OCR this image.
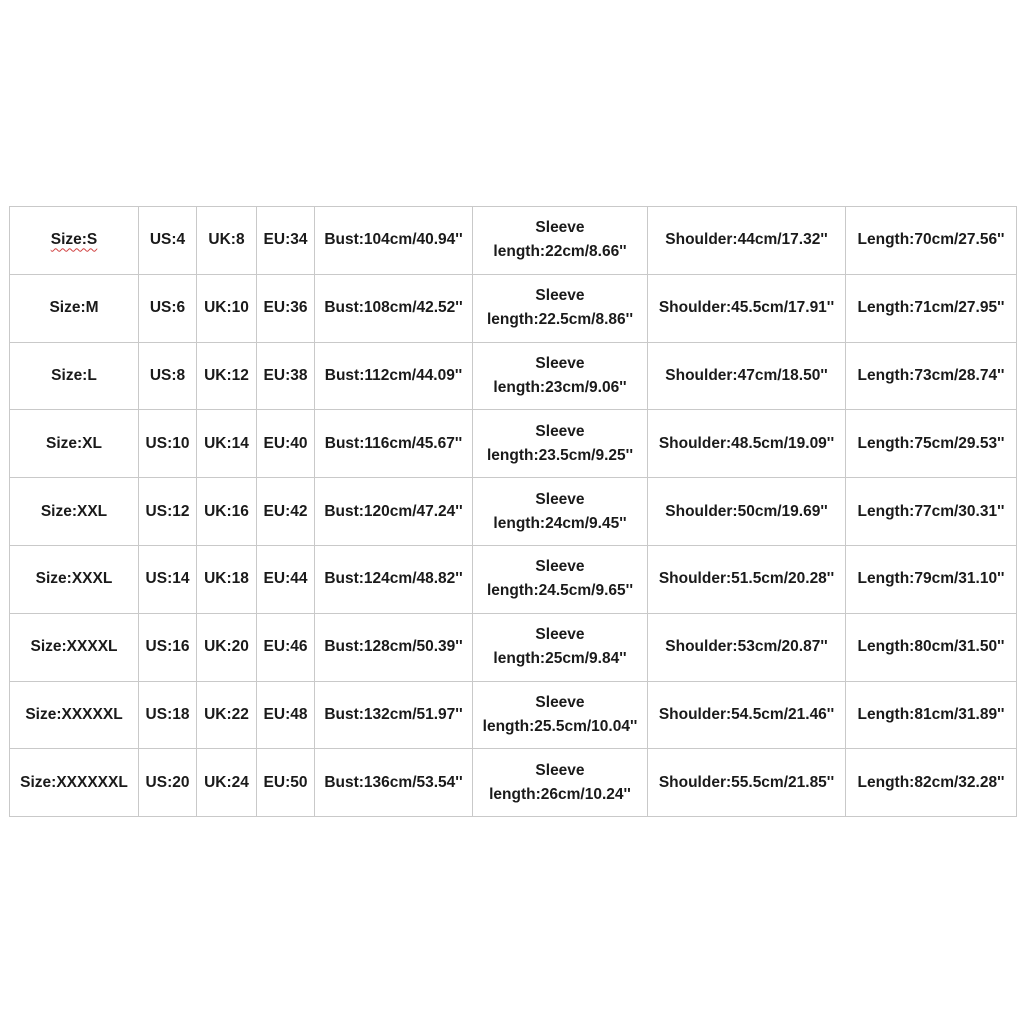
Size:S	US:4	UK:8	EU:34	Bust:104cm/40.94''	Sleeve
length:22cm/8.66''	Shoulder:44cm/17.32''	Length:70cm/27.56''
Size:M	US:6	UK:10	EU:36	Bust:108cm/42.52''	Sleeve
length:22.5cm/8.86''	Shoulder:45.5cm/17.91''	Length:71cm/27.95''
Size:L	US:8	UK:12	EU:38	Bust:112cm/44.09''	Sleeve
length:23cm/9.06''	Shoulder:47cm/18.50''	Length:73cm/28.74''
Size:XL	US:10	UK:14	EU:40	Bust:116cm/45.67''	Sleeve
length:23.5cm/9.25''	Shoulder:48.5cm/19.09''	Length:75cm/29.53''
Size:XXL	US:12	UK:16	EU:42	Bust:120cm/47.24''	Sleeve
length:24cm/9.45''	Shoulder:50cm/19.69''	Length:77cm/30.31''
Size:XXXL	US:14	UK:18	EU:44	Bust:124cm/48.82''	Sleeve
length:24.5cm/9.65''	Shoulder:51.5cm/20.28''	Length:79cm/31.10''
Size:XXXXL	US:16	UK:20	EU:46	Bust:128cm/50.39''	Sleeve
length:25cm/9.84''	Shoulder:53cm/20.87''	Length:80cm/31.50''
Size:XXXXXL	US:18	UK:22	EU:48	Bust:132cm/51.97''	Sleeve
length:25.5cm/10.04''	Shoulder:54.5cm/21.46''	Length:81cm/31.89''
Size:XXXXXXL	US:20	UK:24	EU:50	Bust:136cm/53.54''	Sleeve
length:26cm/10.24''	Shoulder:55.5cm/21.85''	Length:82cm/32.28''
